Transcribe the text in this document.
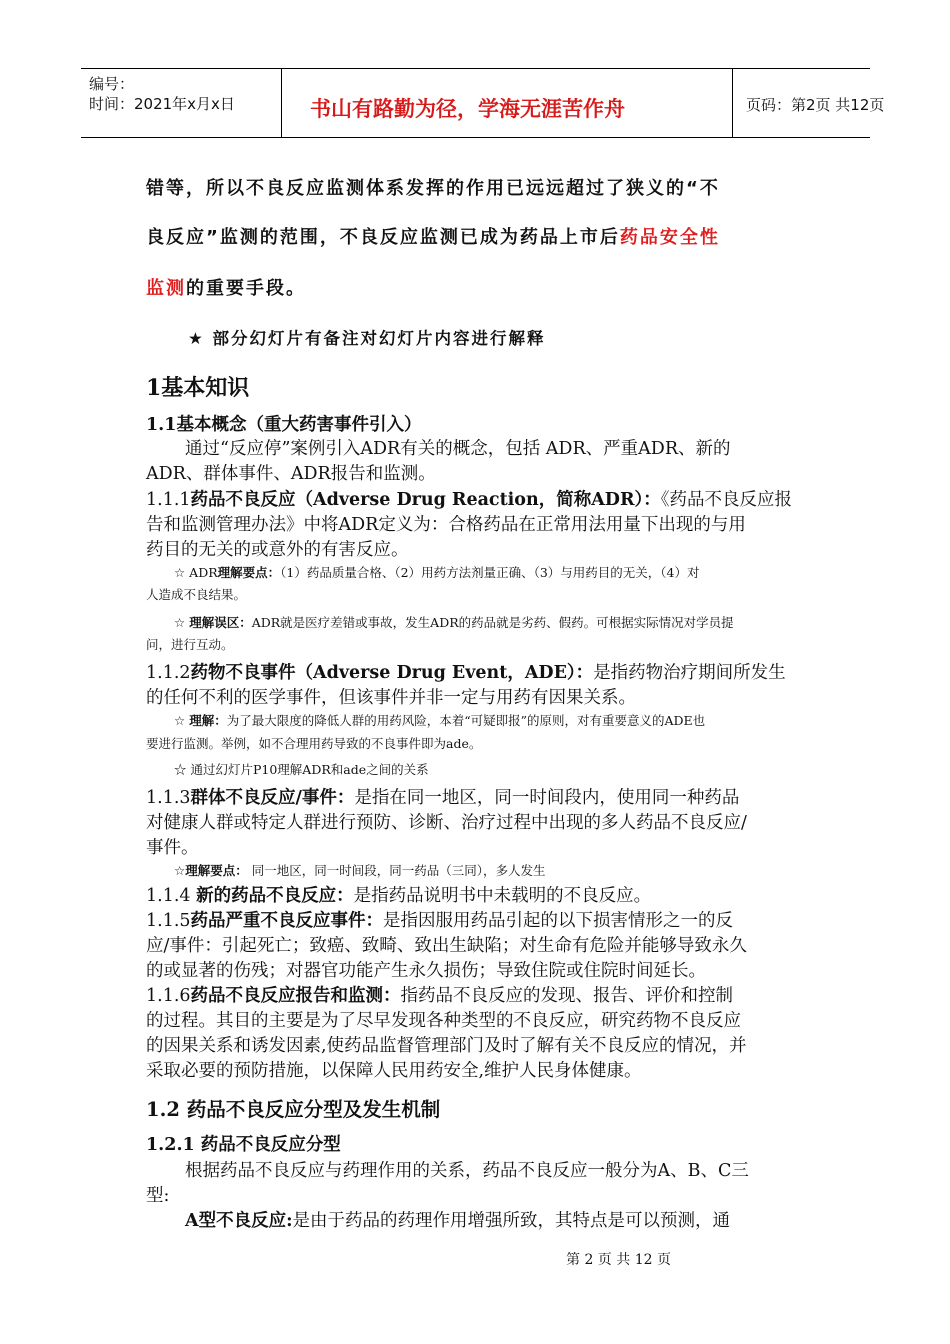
编号：
时间：2021年x月x日	书山有路勤为径，学海无涯苦作舟	页码：第2页 共12页
错等，所以不良反应监测体系发挥的作用已远远超过了狭义的“不
良反应”监测的范围，不良反应监测已成为药品上市后药品安全性
监测的重要手段。
★ 部分幻灯片有备注对幻灯片内容进行解释
1基本知识
1.1基本概念（重大药害事件引入）
通过“反应停”案例引入ADR有关的概念，包括 ADR、严重ADR、新的
ADR、群体事件、ADR报告和监测。
1.1.1药品不良反应（Adverse Drug Reaction，简称ADR）：《药品不良反应报
告和监测管理办法》中将ADR定义为：合格药品在正常用法用量下出现的与用
药目的无关的或意外的有害反应。
☆ ADR理解要点：（1）药品质量合格、（2）用药方法剂量正确、（3）与用药目的无关，（4）对
人造成不良结果。
☆ 理解误区：ADR就是医疗差错或事故，发生ADR的药品就是劣药、假药。可根据实际情况对学员提
问，进行互动。
1.1.2药物不良事件（Adverse Drug Event，ADE）：是指药物治疗期间所发生
的任何不利的医学事件，但该事件并非一定与用药有因果关系。
☆ 理解：为了最大限度的降低人群的用药风险，本着“可疑即报”的原则，对有重要意义的ADE也
要进行监测。举例，如不合理用药导致的不良事件即为ade。
☆ 通过幻灯片P10理解ADR和ade之间的关系
1.1.3群体不良反应/事件：是指在同一地区，同一时间段内，使用同一种药品
对健康人群或特定人群进行预防、诊断、治疗过程中出现的多人药品不良反应/
事件。
☆理解要点： 同一地区，同一时间段，同一药品（三同），多人发生
1.1.4 新的药品不良反应：是指药品说明书中未载明的不良反应。
1.1.5药品严重不良反应事件：是指因服用药品引起的以下损害情形之一的反
应/事件：引起死亡；致癌、致畸、致出生缺陷；对生命有危险并能够导致永久
的或显著的伤残；对器官功能产生永久损伤；导致住院或住院时间延长。
1.1.6药品不良反应报告和监测：指药品不良反应的发现、报告、评价和控制
的过程。其目的主要是为了尽早发现各种类型的不良反应，研究药物不良反应
的因果关系和诱发因素,使药品监督管理部门及时了解有关不良反应的情况，并
采取必要的预防措施，以保障人民用药安全,维护人民身体健康。
1.2 药品不良反应分型及发生机制
1.2.1 药品不良反应分型
根据药品不良反应与药理作用的关系，药品不良反应一般分为A、B、C三
型:
A型不良反应:是由于药品的药理作用增强所致，其特点是可以预测，通
第 2 页 共 12 页
